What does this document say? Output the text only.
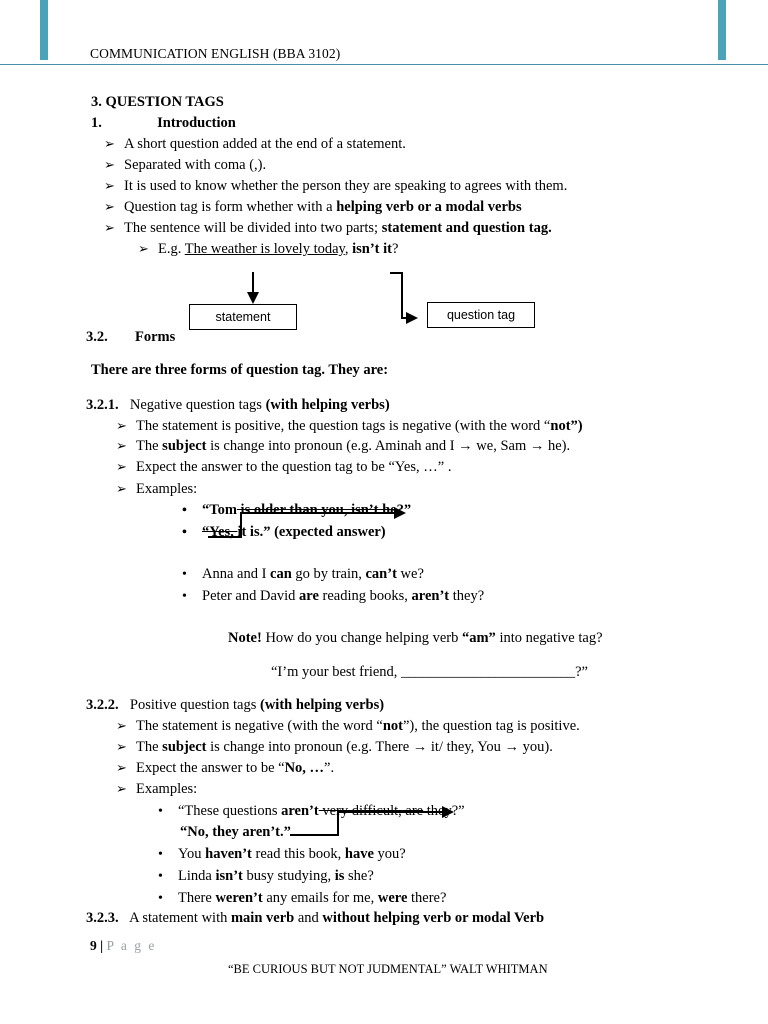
COMMUNICATION ENGLISH (BBA 3102)
3. QUESTION TAGS
1.	Introduction
➢ A short question added at the end of a statement.
➢ Separated with coma (,).
➢ It is used to know whether the person they are speaking to agrees with them.
➢ Question tag is form whether with a helping verb or a modal verbs
➢ The sentence will be divided into two parts; statement and question tag.
➢ E.g. The weather is lovely today, isn’t it?
statement	question tag
3.2. Forms
There are three forms of question tag. They are:
3.2.1. Negative question tags (with helping verbs)
➢ The statement is positive, the question tags is negative (with the word “not”)
➢ The subject is change into pronoun (e.g. Aminah and I → we, Sam → he).
➢ Expect the answer to the question tag to be “Yes, …” .
➢ Examples:
• “Tom is older than you, isn’t he?”
• “Yes, it is.” (expected answer)
• Anna and I can go by train, can’t we?
• Peter and David are reading books, aren’t they?
Note! How do you change helping verb “am” into negative tag?
“I’m your best friend, ________________________?”
3.2.2. Positive question tags (with helping verbs)
➢ The statement is negative (with the word “not”), the question tag is positive.
➢ The subject is change into pronoun (e.g. There → it/ they, You → you).
➢ Expect the answer to be “No, …”.
➢ Examples:
• “These questions aren’t very difficult, are they?”
“No, they aren’t.”
• You haven’t read this book, have you?
• Linda isn’t busy studying, is she?
• There weren’t any emails for me, were there?
3.2.3. A statement with main verb and without helping verb or modal Verb
9 | P a g e
“BE CURIOUS BUT NOT JUDMENTAL” WALT WHITMAN
